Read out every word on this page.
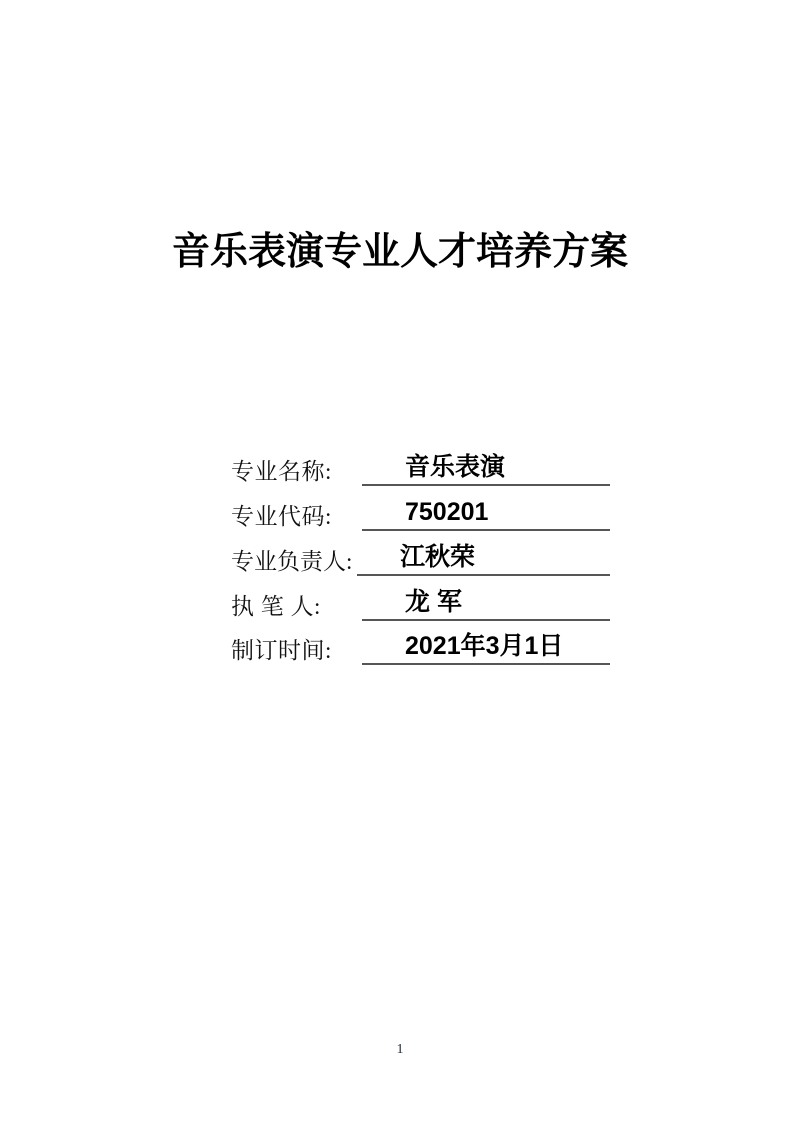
音乐表演专业人才培养方案
专业名称:	音乐表演
专业代码:	750201
专业负责人: 江秋荣
执 笔 人:	龙 军
制订时间:	2021年3月1日
1
